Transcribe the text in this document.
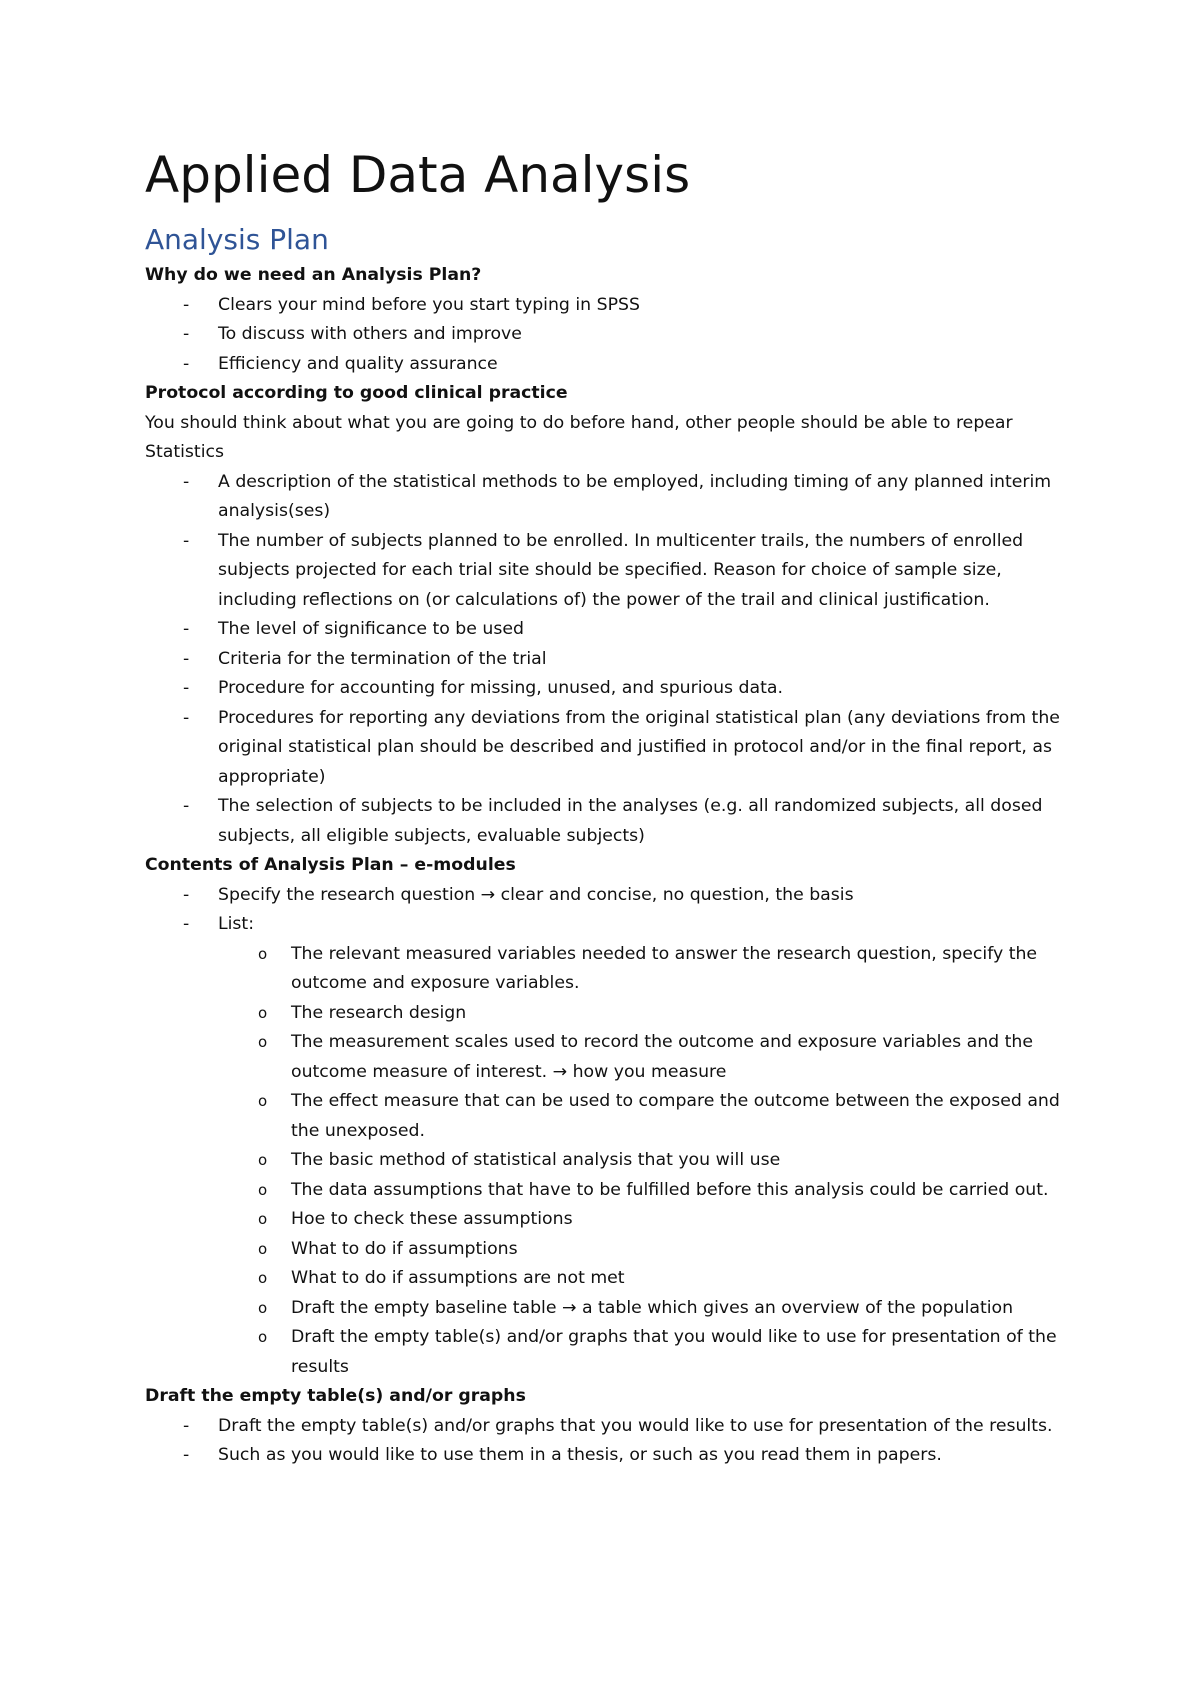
Applied Data Analysis
Analysis Plan

Why do we need an Analysis Plan?

- Clears your mind before you start typing in SPSS
- To discuss with others and improve
- Efficiency and quality assurance

Protocol according to good clinical practice

You should think about what you are going to do before hand, other people should be able to repear

Statistics

- A description of the statistical methods to be employed, including timing of any planned interim analysis(ses)
- The number of subjects planned to be enrolled. In multicenter trails, the numbers of enrolled subjects projected for each trial site should be specified. Reason for choice of sample size, including reflections on (or calculations of) the power of the trail and clinical justification.
- The level of significance to be used
- Criteria for the termination of the trial
- Procedure for accounting for missing, unused, and spurious data.
- Procedures for reporting any deviations from the original statistical plan (any deviations from the original statistical plan should be described and justified in protocol and/or in the final report, as appropriate)
- The selection of subjects to be included in the analyses (e.g. all randomized subjects, all dosed subjects, all eligible subjects, evaluable subjects)

Contents of Analysis Plan – e-modules

- Specify the research question → clear and concise, no question, the basis
- List:
o The relevant measured variables needed to answer the research question, specify the outcome and exposure variables.
o The research design
o The measurement scales used to record the outcome and exposure variables and the outcome measure of interest. → how you measure
o The effect measure that can be used to compare the outcome between the exposed and the unexposed.
o The basic method of statistical analysis that you will use
o The data assumptions that have to be fulfilled before this analysis could be carried out.
o Hoe to check these assumptions
o What to do if assumptions
o What to do if assumptions are not met
o Draft the empty baseline table → a table which gives an overview of the population
o Draft the empty table(s) and/or graphs that you would like to use for presentation of the results

Draft the empty table(s) and/or graphs

- Draft the empty table(s) and/or graphs that you would like to use for presentation of the results.
- Such as you would like to use them in a thesis, or such as you read them in papers.
